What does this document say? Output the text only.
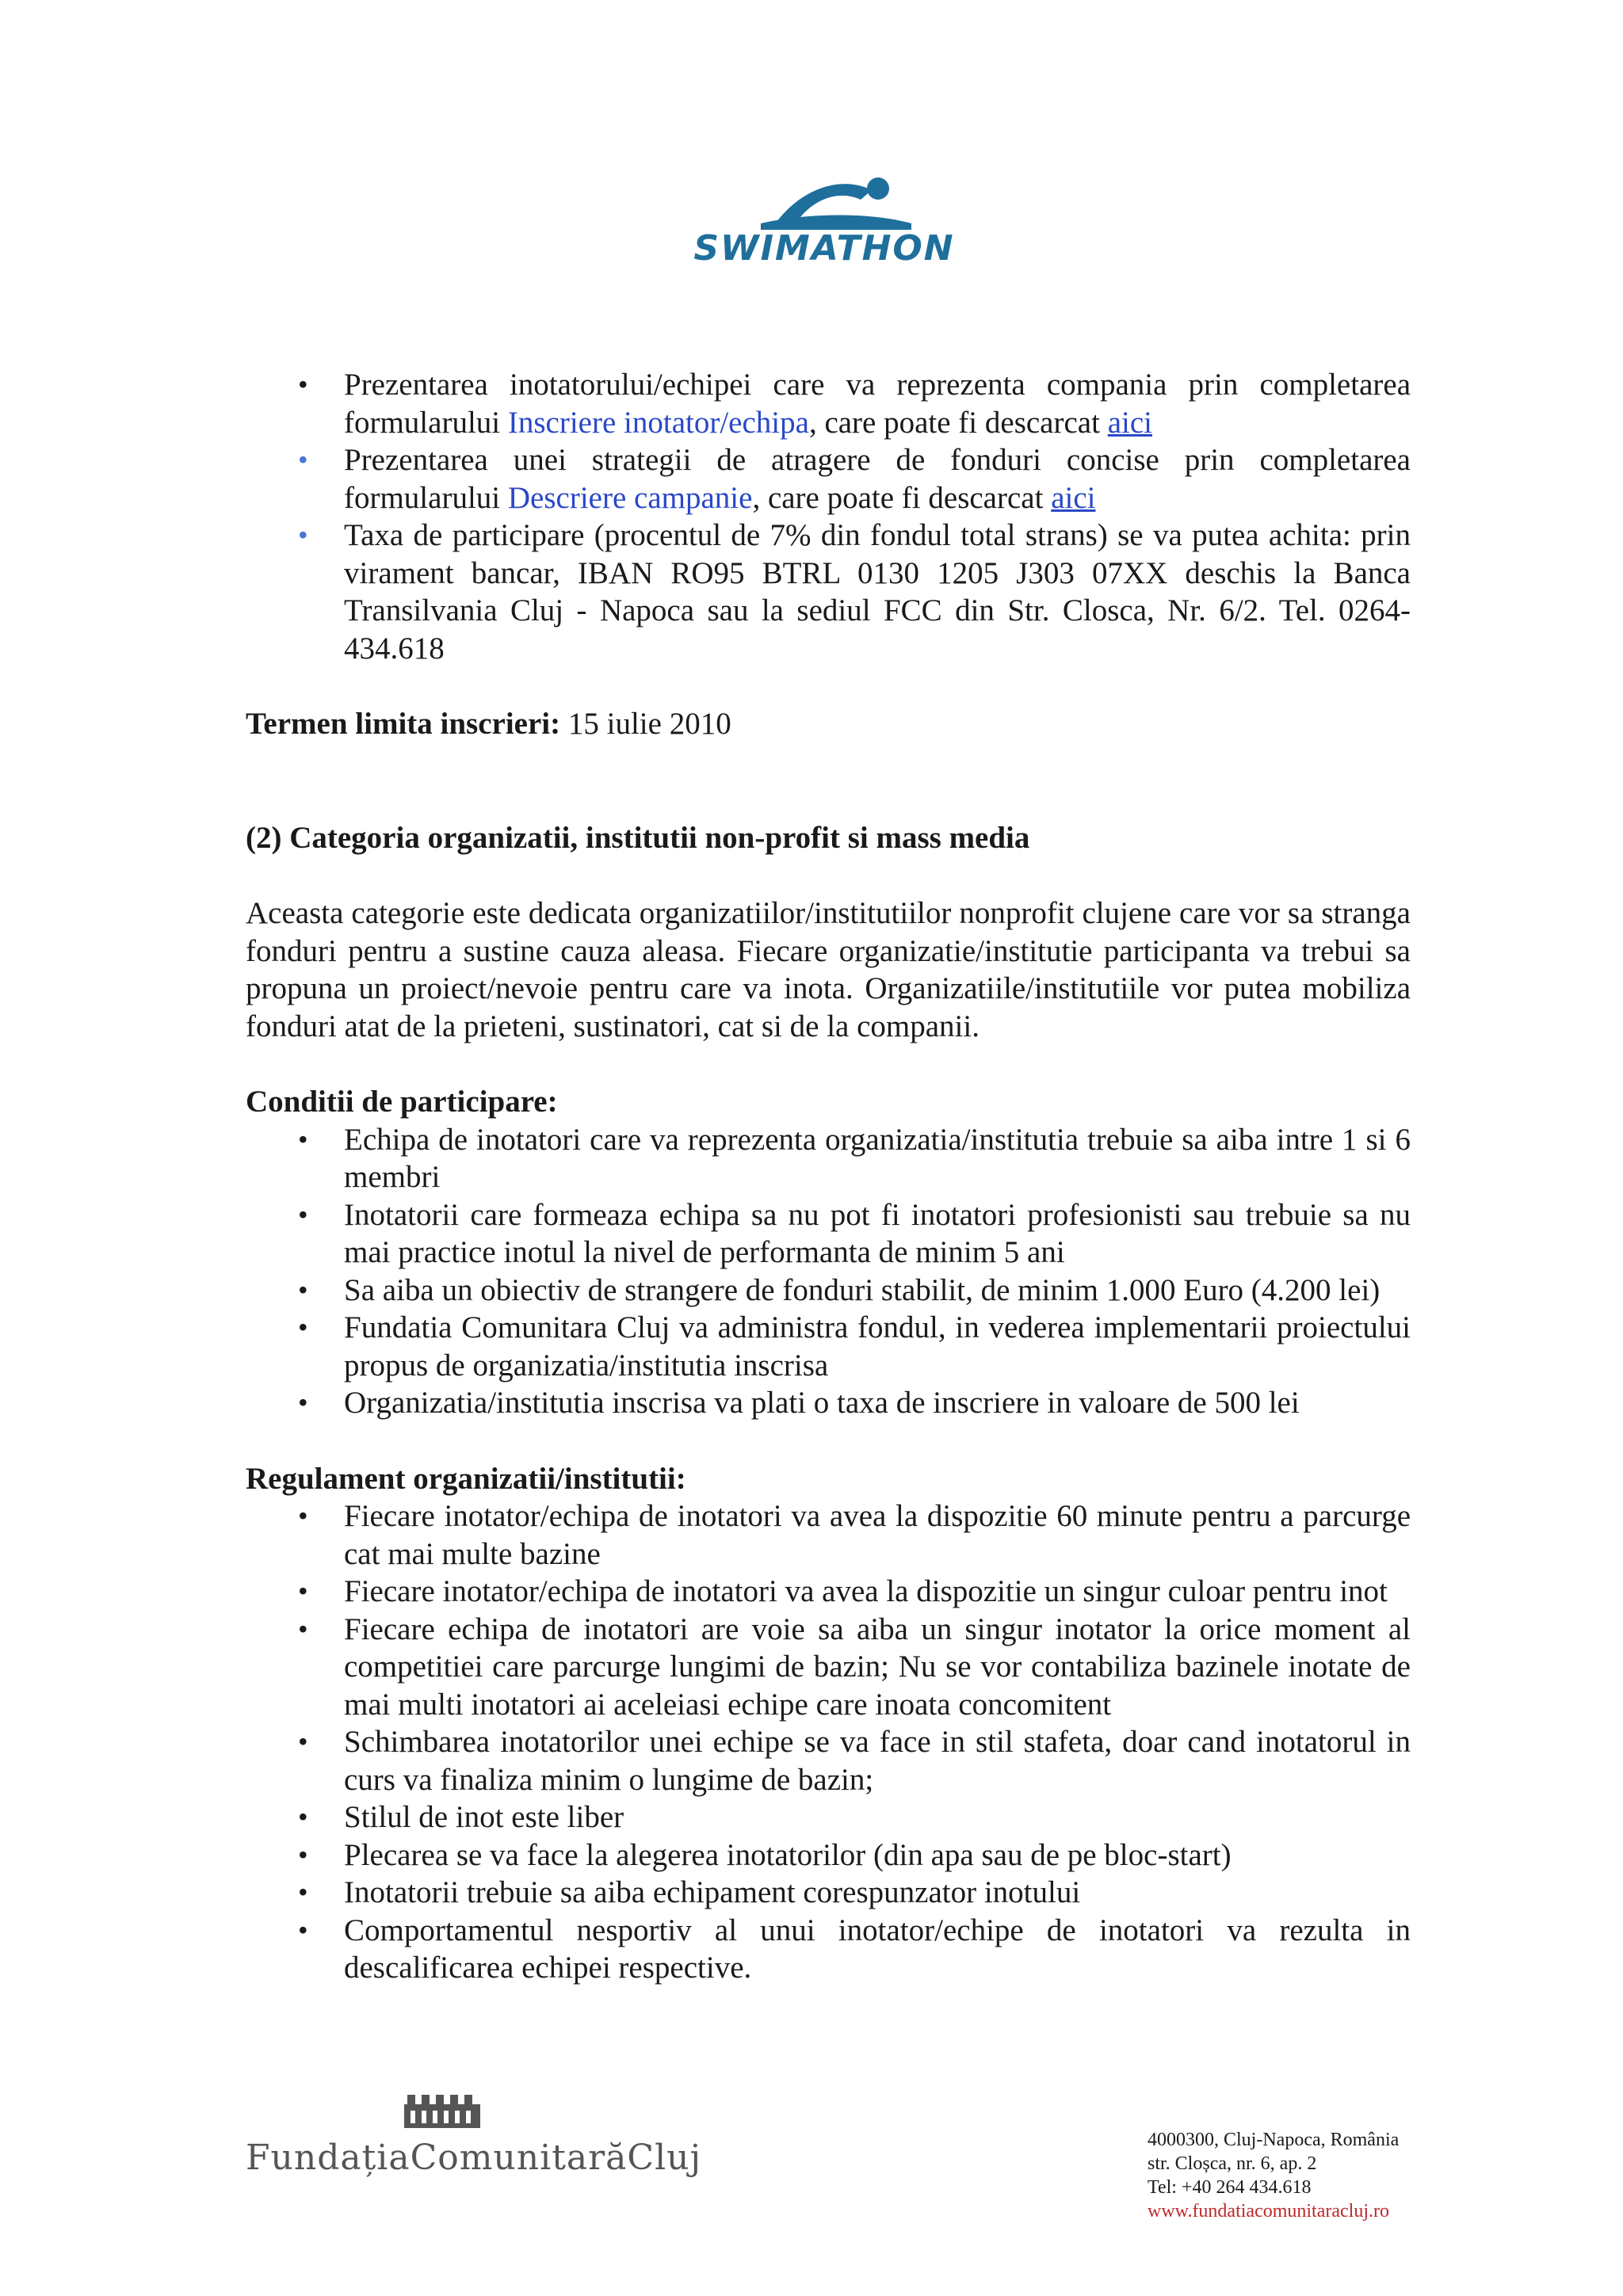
SWIMATHON
• Prezentarea inotatorului/echipei care va reprezenta compania prin completarea formularului Inscriere inotator/echipa, care poate fi descarcat aici
• Prezentarea unei strategii de atragere de fonduri concise prin completarea formularului Descriere campanie, care poate fi descarcat aici
• Taxa de participare (procentul de 7% din fondul total strans) se va putea achita: prin virament bancar, IBAN RO95 BTRL 0130 1205 J303 07XX deschis la Banca Transilvania Cluj - Napoca sau la sediul FCC din Str. Closca, Nr. 6/2. Tel. 0264-434.618

Termen limita inscrieri: 15 iulie 2010

(2) Categoria organizatii, institutii non-profit si mass media

Aceasta categorie este dedicata organizatiilor/institutiilor nonprofit clujene care vor sa stranga fonduri pentru a sustine cauza aleasa. Fiecare organizatie/institutie participanta va trebui sa propuna un proiect/nevoie pentru care va inota. Organizatiile/institutiile vor putea mobiliza fonduri atat de la prieteni, sustinatori, cat si de la companii.

Conditii de participare:

• Echipa de inotatori care va reprezenta organizatia/institutia trebuie sa aiba intre 1 si 6 membri
• Inotatorii care formeaza echipa sa nu pot fi inotatori profesionisti sau trebuie sa nu mai practice inotul la nivel de performanta de minim 5 ani
• Sa aiba un obiectiv de strangere de fonduri stabilit, de minim 1.000 Euro (4.200 lei)
• Fundatia Comunitara Cluj va administra fondul, in vederea implementarii proiectului propus de organizatia/institutia inscrisa
• Organizatia/institutia inscrisa va plati o taxa de inscriere in valoare de 500 lei

Regulament organizatii/institutii:

• Fiecare inotator/echipa de inotatori va avea la dispozitie 60 minute pentru a parcurge cat mai multe bazine
• Fiecare inotator/echipa de inotatori va avea la dispozitie un singur culoar pentru inot
• Fiecare echipa de inotatori are voie sa aiba un singur inotator la orice moment al competitiei care parcurge lungimi de bazin; Nu se vor contabiliza bazinele inotate de mai multi inotatori ai aceleiasi echipe care inoata concomitent
• Schimbarea inotatorilor unei echipe se va face in stil stafeta, doar cand inotatorul in curs va finaliza minim o lungime de bazin;
• Stilul de inot este liber
• Plecarea se va face la alegerea inotatorilor (din apa sau de pe bloc-start)
• Inotatorii trebuie sa aiba echipament corespunzator inotului
• Comportamentul nesportiv al unui inotator/echipe de inotatori va rezulta in descalificarea echipei respective.
FundațiaComunitarăCluj	4000300, Cluj-Napoca, România
str. Cloșca, nr. 6, ap. 2
Tel: +40 264 434.618
www.fundatiacomunitaracluj.ro
